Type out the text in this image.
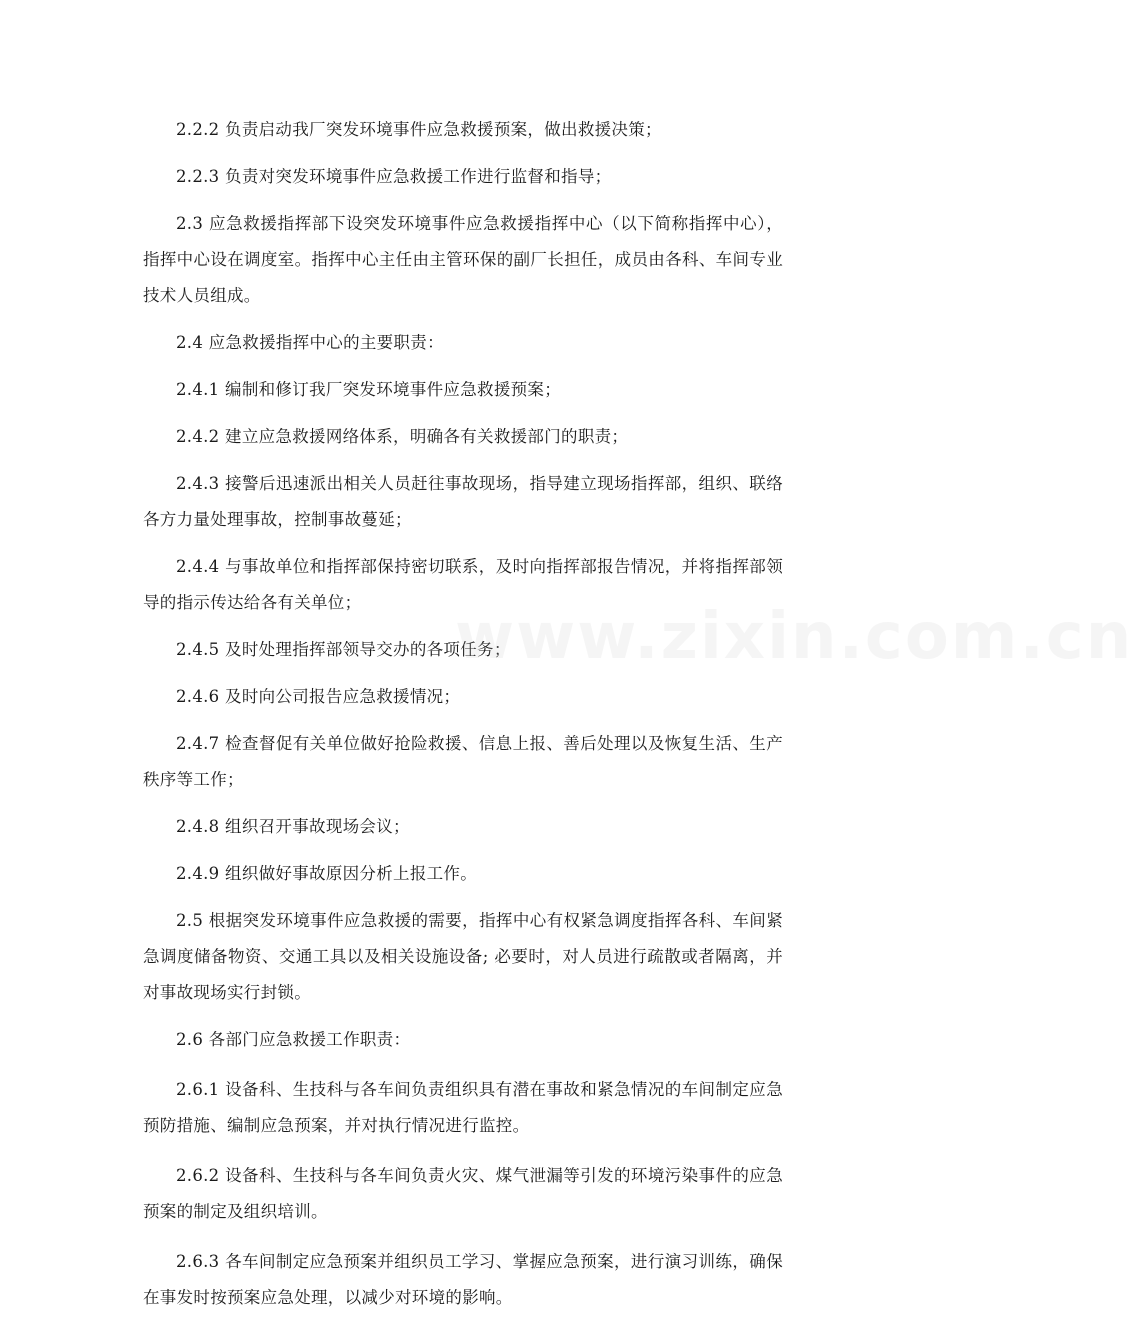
2.2.2 负责启动我厂突发环境事件应急救援预案，做出救援决策；

2.2.3 负责对突发环境事件应急救援工作进行监督和指导；

2.3 应急救援指挥部下设突发环境事件应急救援指挥中心（以下简称指挥中心），指挥中心设在调度室。指挥中心主任由主管环保的副厂长担任，成员由各科、车间专业技术人员组成。

2.4 应急救援指挥中心的主要职责：

2.4.1 编制和修订我厂突发环境事件应急救援预案；

2.4.2 建立应急救援网络体系，明确各有关救援部门的职责；

2.4.3 接警后迅速派出相关人员赶往事故现场，指导建立现场指挥部，组织、联络各方力量处理事故，控制事故蔓延；

2.4.4 与事故单位和指挥部保持密切联系，及时向指挥部报告情况，并将指挥部领导的指示传达给各有关单位；

2.4.5 及时处理指挥部领导交办的各项任务；

2.4.6 及时向公司报告应急救援情况；

2.4.7 检查督促有关单位做好抢险救援、信息上报、善后处理以及恢复生活、生产秩序等工作；

2.4.8 组织召开事故现场会议；

2.4.9 组织做好事故原因分析上报工作。

2.5 根据突发环境事件应急救援的需要，指挥中心有权紧急调度指挥各科、车间紧急调度储备物资、交通工具以及相关设施设备; 必要时，对人员进行疏散或者隔离，并对事故现场实行封锁。

2.6 各部门应急救援工作职责：

2.6.1 设备科、生技科与各车间负责组织具有潜在事故和紧急情况的车间制定应急预防措施、编制应急预案，并对执行情况进行监控。

2.6.2 设备科、生技科与各车间负责火灾、煤气泄漏等引发的环境污染事件的应急预案的制定及组织培训。

2.6.3 各车间制定应急预案并组织员工学习、掌握应急预案，进行演习训练，确保在事发时按预案应急处理，以减少对环境的影响。

www.zixin.com.cn
